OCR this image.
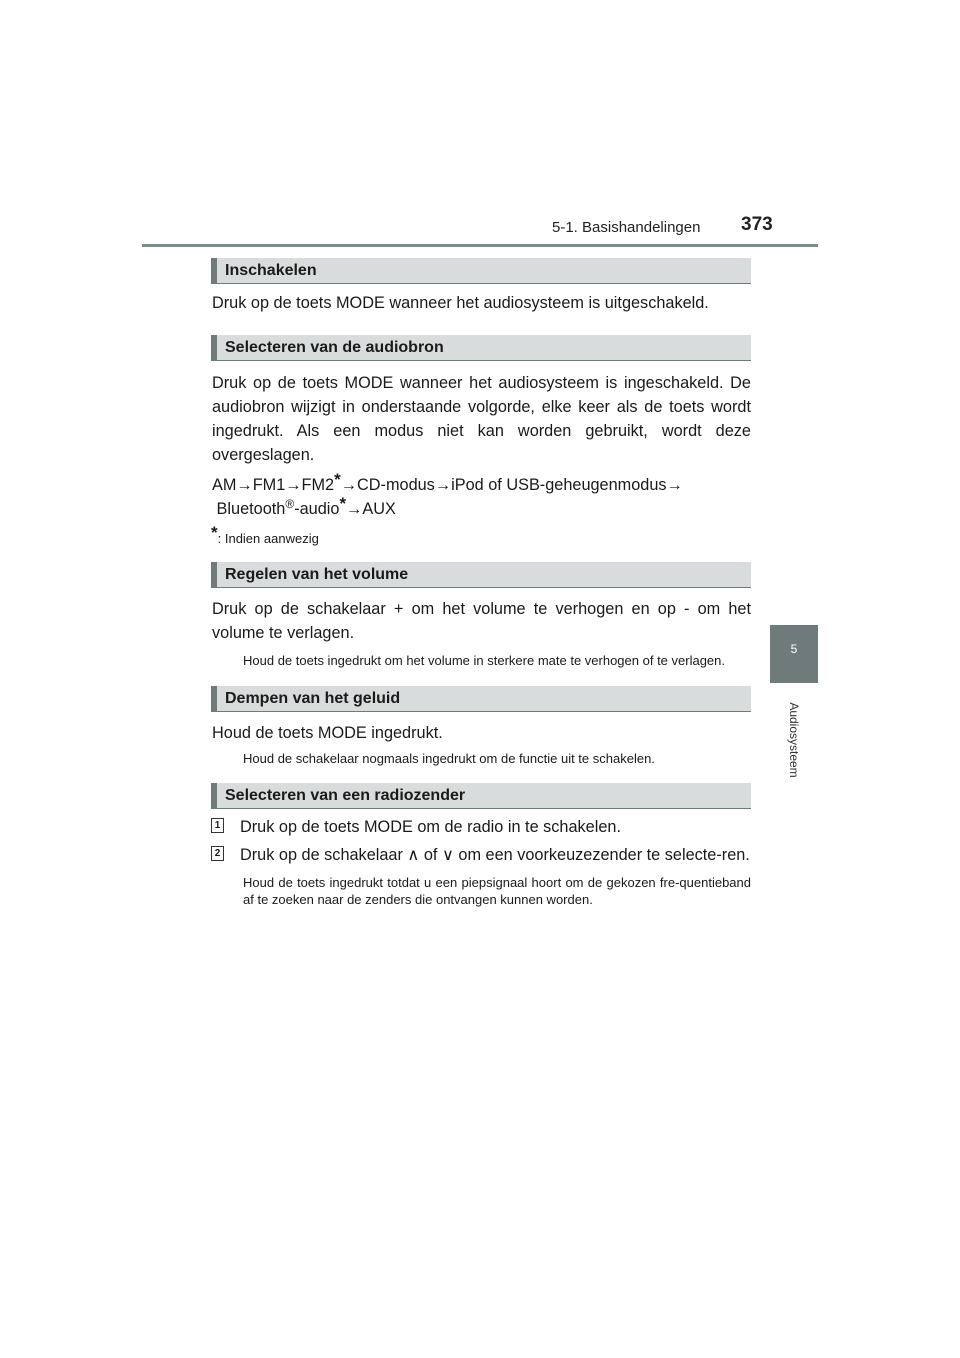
5-1. Basishandelingen 373
5
Audiosysteem
Inschakelen
Druk op de toets MODE wanneer het audiosysteem is uitgeschakeld.
Selecteren van de audiobron
Druk op de toets MODE wanneer het audiosysteem is ingeschakeld. De audiobron wijzigt in onderstaande volgorde, elke keer als de toets wordt ingedrukt. Als een modus niet kan worden gebruikt, wordt deze overgeslagen.
AM→FM1→FM2*→CD-modus→iPod of USB-geheugenmodus→
Bluetooth®-audio*→AUX
*: Indien aanwezig
Regelen van het volume
Druk op de schakelaar + om het volume te verhogen en op - om het volume te verlagen.
Houd de toets ingedrukt om het volume in sterkere mate te verhogen of te verlagen.
Dempen van het geluid
Houd de toets MODE ingedrukt.
Houd de schakelaar nogmaals ingedrukt om de functie uit te schakelen.
Selecteren van een radiozender
1 Druk op de toets MODE om de radio in te schakelen.
2 Druk op de schakelaar ∧ of ∨ om een voorkeuzezender te selecte-ren.
Houd de toets ingedrukt totdat u een piepsignaal hoort om de gekozen fre-quentieband af te zoeken naar de zenders die ontvangen kunnen worden.
